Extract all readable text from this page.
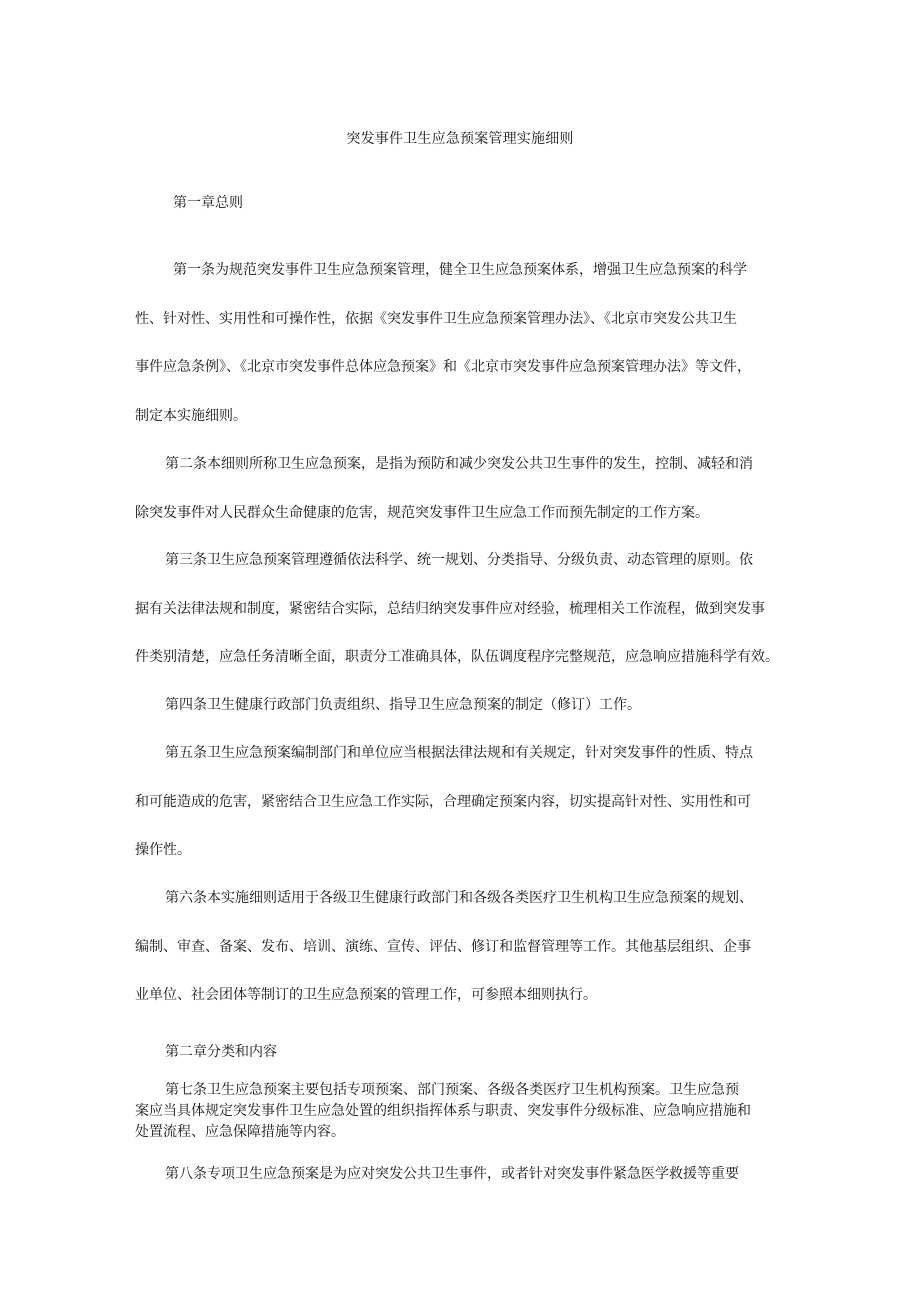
突发事件卫生应急预案管理实施细则
第一章总则
第一条为规范突发事件卫生应急预案管理，健全卫生应急预案体系，增强卫生应急预案的科学
性、针对性、实用性和可操作性，依据《突发事件卫生应急预案管理办法》、《北京市突发公共卫生
事件应急条例》、《北京市突发事件总体应急预案》和《北京市突发事件应急预案管理办法》等文件，
制定本实施细则。
第二条本细则所称卫生应急预案，是指为预防和减少突发公共卫生事件的发生，控制、减轻和消
除突发事件对人民群众生命健康的危害，规范突发事件卫生应急工作而预先制定的工作方案。
第三条卫生应急预案管理遵循依法科学、统一规划、分类指导、分级负责、动态管理的原则。依
据有关法律法规和制度，紧密结合实际，总结归纳突发事件应对经验，梳理相关工作流程，做到突发事
件类别清楚，应急任务清晰全面，职责分工准确具体，队伍调度程序完整规范，应急响应措施科学有效。
第四条卫生健康行政部门负责组织、指导卫生应急预案的制定（修订）工作。
第五条卫生应急预案编制部门和单位应当根据法律法规和有关规定，针对突发事件的性质、特点
和可能造成的危害，紧密结合卫生应急工作实际，合理确定预案内容，切实提高针对性、实用性和可
操作性。
第六条本实施细则适用于各级卫生健康行政部门和各级各类医疗卫生机构卫生应急预案的规划、
编制、审查、备案、发布、培训、演练、宣传、评估、修订和监督管理等工作。其他基层组织、企事
业单位、社会团体等制订的卫生应急预案的管理工作，可参照本细则执行。
第二章分类和内容
第七条卫生应急预案主要包括专项预案、部门预案、各级各类医疗卫生机构预案。卫生应急预
案应当具体规定突发事件卫生应急处置的组织指挥体系与职责、突发事件分级标准、应急响应措施和
处置流程、应急保障措施等内容。
第八条专项卫生应急预案是为应对突发公共卫生事件，或者针对突发事件紧急医学救援等重要
